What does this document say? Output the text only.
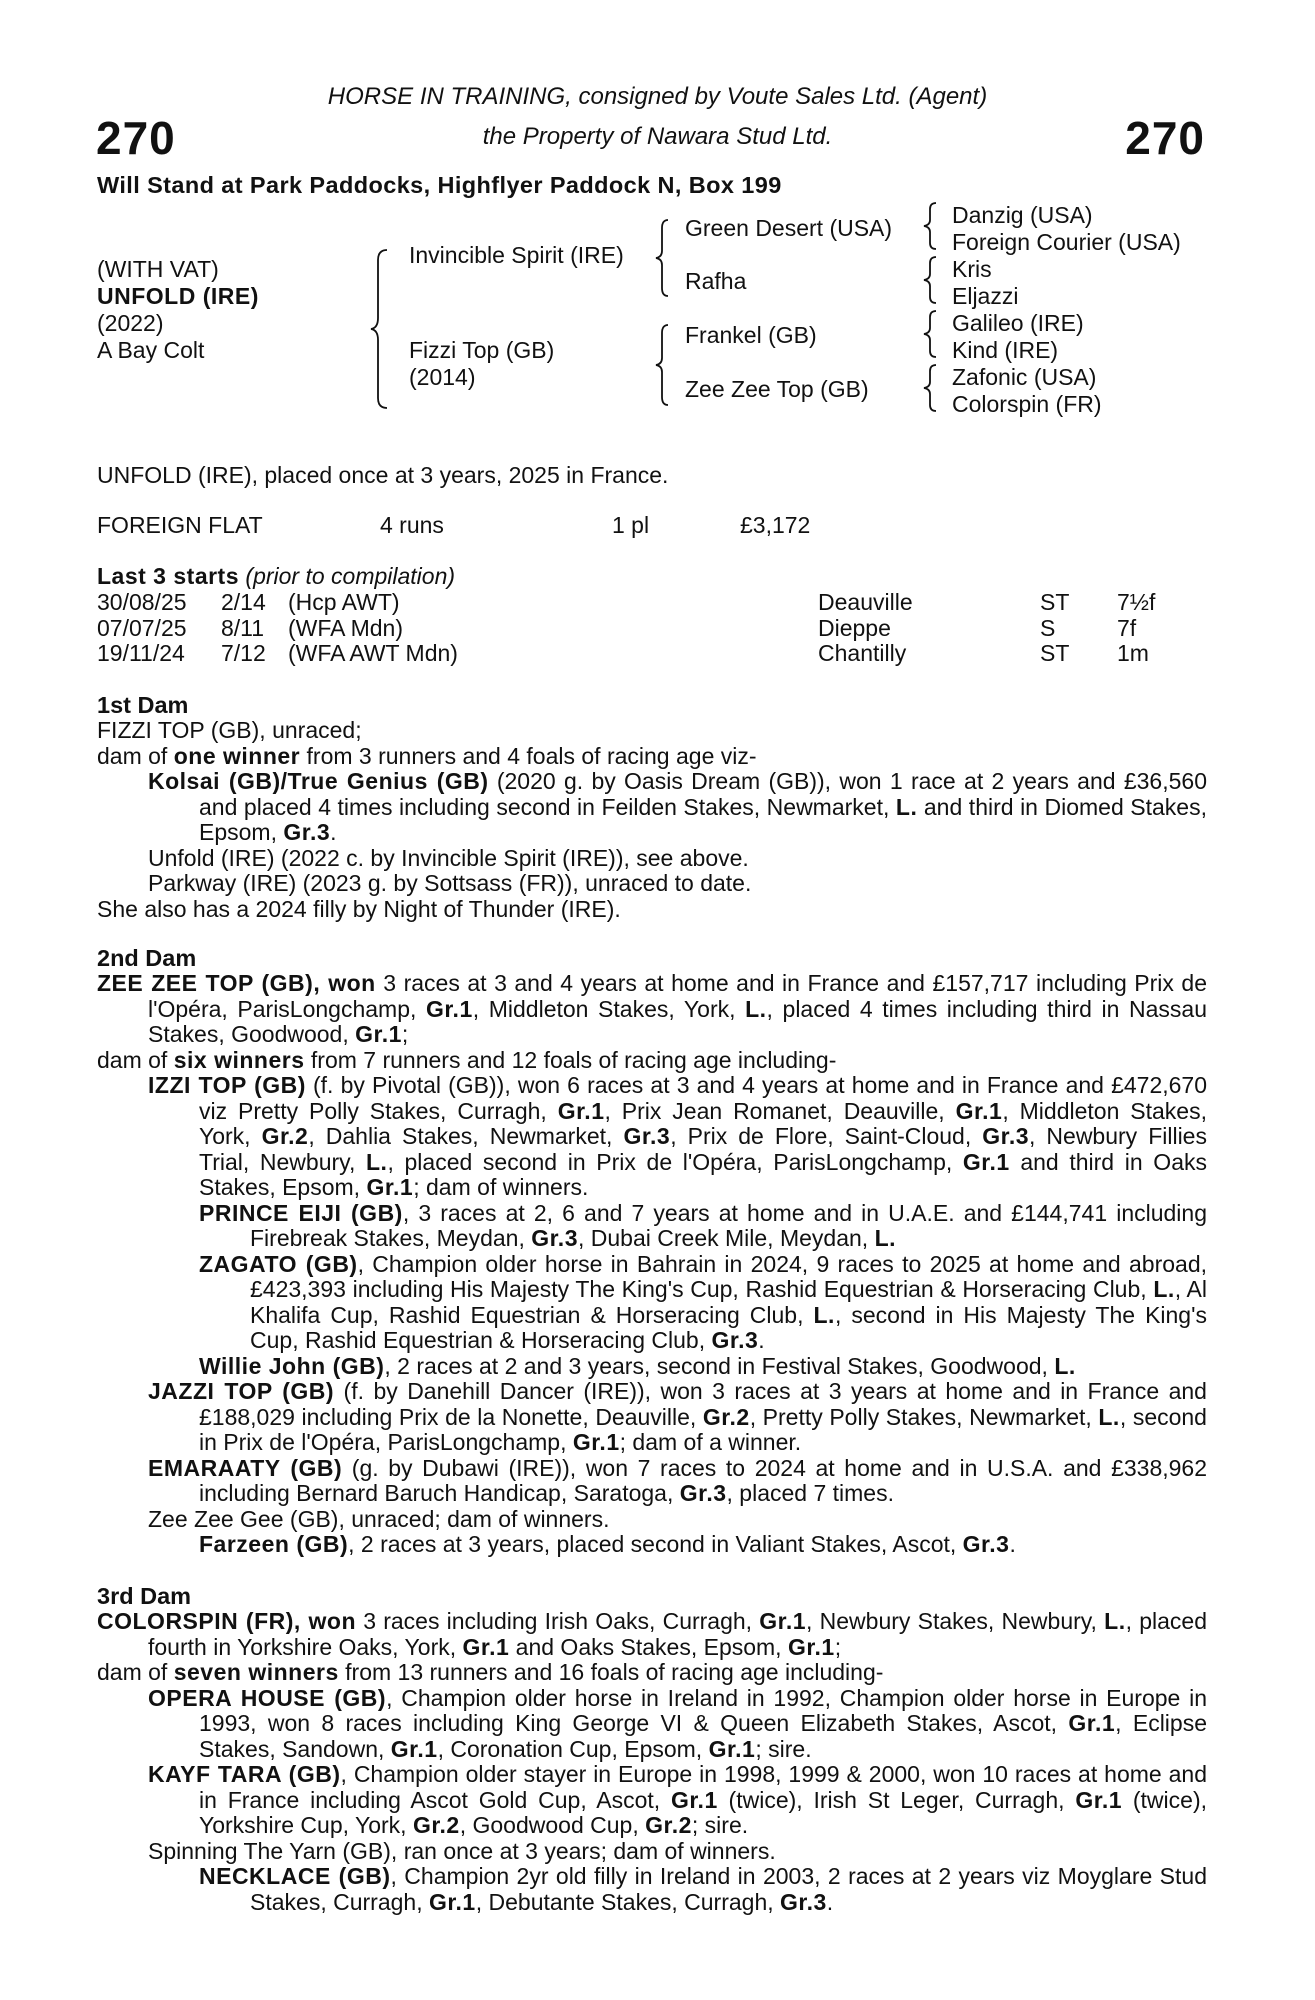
270	270
HORSE IN TRAINING, consigned by Voute Sales Ltd. (Agent)
the Property of Nawara Stud Ltd.
Will Stand at Park Paddocks, Highflyer Paddock N, Box 199
(WITH VAT)
UNFOLD (IRE)
(2022)
A Bay Colt
Invincible Spirit (IRE)
Fizzi Top (GB)
(2014)
Green Desert (USA)
Rafha
Frankel (GB)
Zee Zee Top (GB)
Danzig (USA)
Foreign Courier (USA)
Kris
Eljazzi
Galileo (IRE)
Kind (IRE)
Zafonic (USA)
Colorspin (FR)
UNFOLD (IRE), placed once at 3 years, 2025 in France.
FOREIGN FLAT	4 runs	1 pl	£3,172
Last 3 starts (prior to compilation)
30/08/25 2/14 (Hcp AWT)	Deauville	ST 7½f
07/07/25 8/11 (WFA Mdn)	Dieppe	S	7f
19/11/24 7/12 (WFA AWT Mdn)	Chantilly	ST 1m
1st Dam
FIZZI TOP (GB), unraced;
dam of one winner from 3 runners and 4 foals of racing age viz-
Kolsai (GB)/True Genius (GB) (2020 g. by Oasis Dream (GB)), won 1 race at 2 years and £36,560 and placed 4 times including second in Feilden Stakes, Newmarket, L. and third in Diomed Stakes, Epsom, Gr.3.
Unfold (IRE) (2022 c. by Invincible Spirit (IRE)), see above.
Parkway (IRE) (2023 g. by Sottsass (FR)), unraced to date.
She also has a 2024 filly by Night of Thunder (IRE).
2nd Dam
ZEE ZEE TOP (GB), won 3 races at 3 and 4 years at home and in France and £157,717 including Prix de l'Opéra, ParisLongchamp, Gr.1, Middleton Stakes, York, L., placed 4 times including third in Nassau Stakes, Goodwood, Gr.1;
dam of six winners from 7 runners and 12 foals of racing age including-
IZZI TOP (GB) (f. by Pivotal (GB)), won 6 races at 3 and 4 years at home and in France and £472,670 viz Pretty Polly Stakes, Curragh, Gr.1, Prix Jean Romanet, Deauville, Gr.1, Middleton Stakes, York, Gr.2, Dahlia Stakes, Newmarket, Gr.3, Prix de Flore, Saint-Cloud, Gr.3, Newbury Fillies Trial, Newbury, L., placed second in Prix de l'Opéra, ParisLongchamp, Gr.1 and third in Oaks Stakes, Epsom, Gr.1; dam of winners.
PRINCE EIJI (GB), 3 races at 2, 6 and 7 years at home and in U.A.E. and £144,741 including Firebreak Stakes, Meydan, Gr.3, Dubai Creek Mile, Meydan, L.
ZAGATO (GB), Champion older horse in Bahrain in 2024, 9 races to 2025 at home and abroad, £423,393 including His Majesty The King's Cup, Rashid Equestrian & Horseracing Club, L., Al Khalifa Cup, Rashid Equestrian & Horseracing Club, L., second in His Majesty The King's Cup, Rashid Equestrian & Horseracing Club, Gr.3.
Willie John (GB), 2 races at 2 and 3 years, second in Festival Stakes, Goodwood, L.
JAZZI TOP (GB) (f. by Danehill Dancer (IRE)), won 3 races at 3 years at home and in France and £188,029 including Prix de la Nonette, Deauville, Gr.2, Pretty Polly Stakes, Newmarket, L., second in Prix de l'Opéra, ParisLongchamp, Gr.1; dam of a winner.
EMARAATY (GB) (g. by Dubawi (IRE)), won 7 races to 2024 at home and in U.S.A. and £338,962 including Bernard Baruch Handicap, Saratoga, Gr.3, placed 7 times.
Zee Zee Gee (GB), unraced; dam of winners.
Farzeen (GB), 2 races at 3 years, placed second in Valiant Stakes, Ascot, Gr.3.
3rd Dam
COLORSPIN (FR), won 3 races including Irish Oaks, Curragh, Gr.1, Newbury Stakes, Newbury, L., placed fourth in Yorkshire Oaks, York, Gr.1 and Oaks Stakes, Epsom, Gr.1;
dam of seven winners from 13 runners and 16 foals of racing age including-
OPERA HOUSE (GB), Champion older horse in Ireland in 1992, Champion older horse in Europe in 1993, won 8 races including King George VI & Queen Elizabeth Stakes, Ascot, Gr.1, Eclipse Stakes, Sandown, Gr.1, Coronation Cup, Epsom, Gr.1; sire.
KAYF TARA (GB), Champion older stayer in Europe in 1998, 1999 & 2000, won 10 races at home and in France including Ascot Gold Cup, Ascot, Gr.1 (twice), Irish St Leger, Curragh, Gr.1 (twice), Yorkshire Cup, York, Gr.2, Goodwood Cup, Gr.2; sire.
Spinning The Yarn (GB), ran once at 3 years; dam of winners.
NECKLACE (GB), Champion 2yr old filly in Ireland in 2003, 2 races at 2 years viz Moyglare Stud Stakes, Curragh, Gr.1, Debutante Stakes, Curragh, Gr.3.
